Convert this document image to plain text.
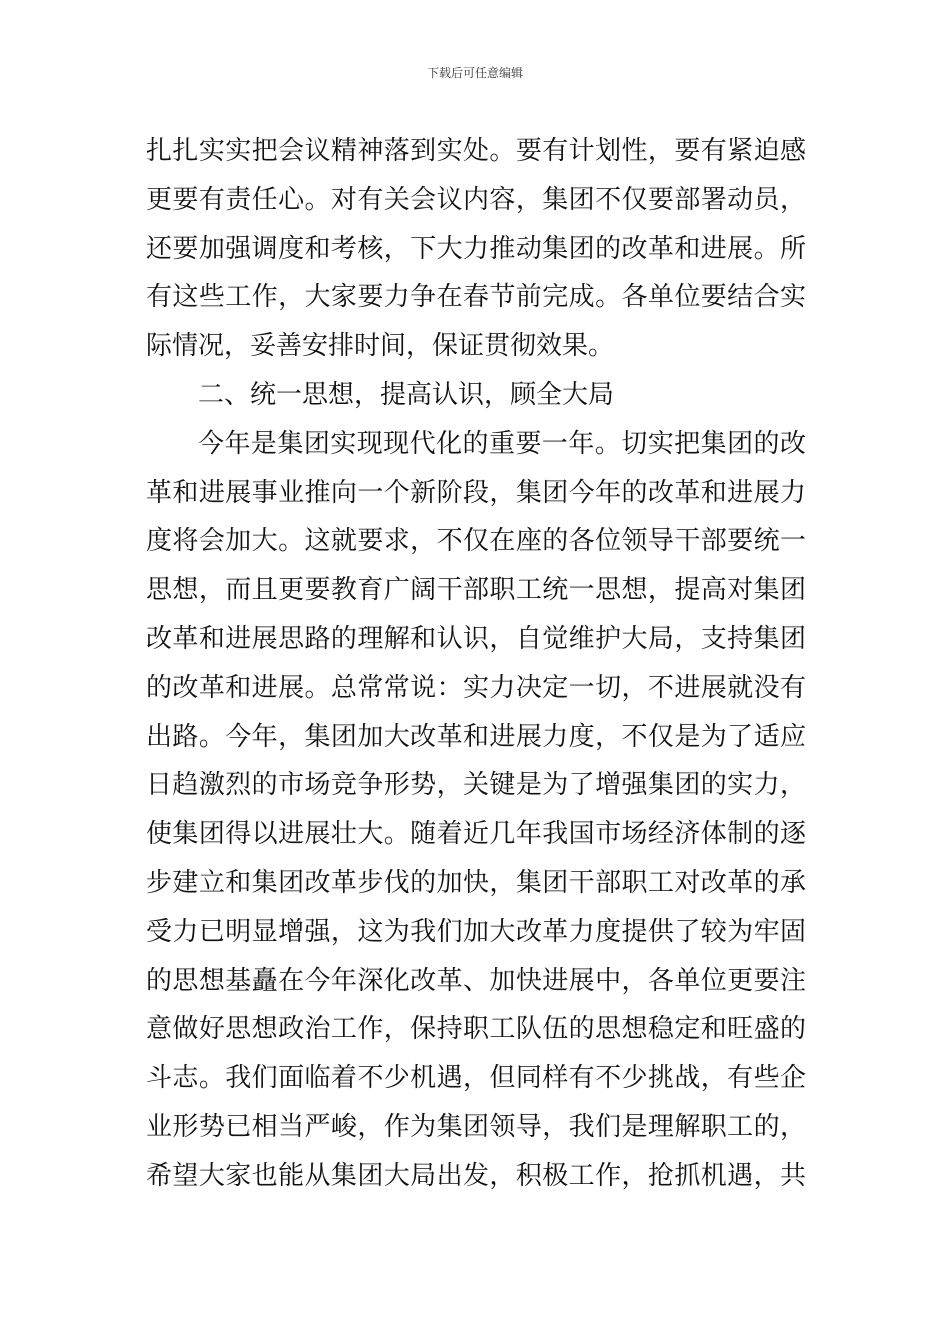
下载后可任意编辑
扎扎实实把会议精神落到实处。要有计划性，要有紧迫感
更要有责任心。对有关会议内容，集团不仅要部署动员，
还要加强调度和考核，下大力推动集团的改革和进展。所
有这些工作，大家要力争在春节前完成。各单位要结合实
际情况，妥善安排时间，保证贯彻效果。
二、统一思想，提高认识，顾全大局
今年是集团实现现代化的重要一年。切实把集团的改
革和进展事业推向一个新阶段，集团今年的改革和进展力
度将会加大。这就要求，不仅在座的各位领导干部要统一
思想，而且更要教育广阔干部职工统一思想，提高对集团
改革和进展思路的理解和认识，自觉维护大局，支持集团
的改革和进展。总常常说：实力决定一切，不进展就没有
出路。今年，集团加大改革和进展力度，不仅是为了适应
日趋激烈的市场竞争形势，关键是为了增强集团的实力，
使集团得以进展壮大。随着近几年我国市场经济体制的逐
步建立和集团改革步伐的加快，集团干部职工对改革的承
受力已明显增强，这为我们加大改革力度提供了较为牢固
的思想基矗在今年深化改革、加快进展中，各单位更要注
意做好思想政治工作，保持职工队伍的思想稳定和旺盛的
斗志。我们面临着不少机遇，但同样有不少挑战，有些企
业形势已相当严峻，作为集团领导，我们是理解职工的，
希望大家也能从集团大局出发，积极工作，抢抓机遇，共
